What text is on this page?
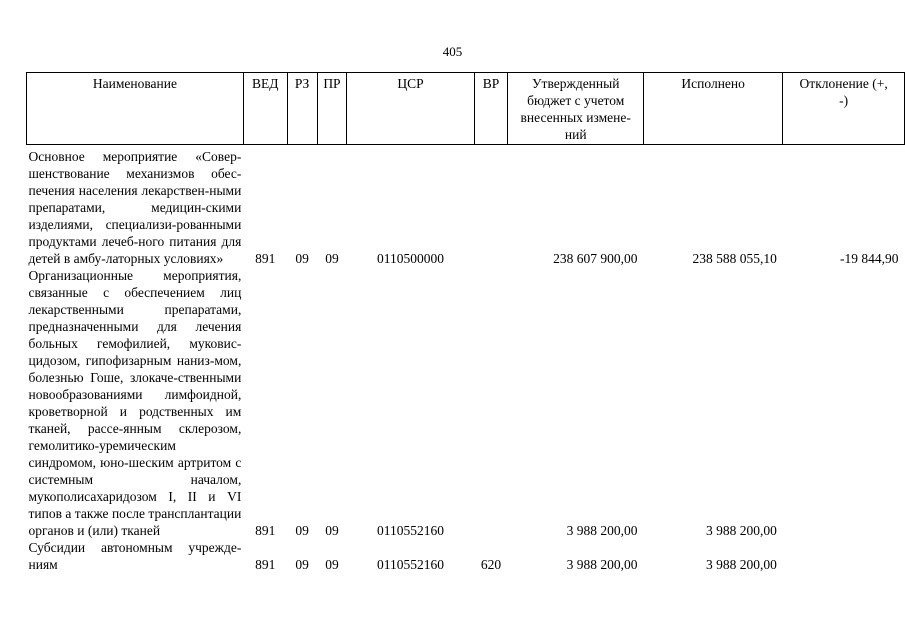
405
Наименование	ВЕД	РЗ	ПР	ЦСР	ВР	Утвержденный бюджет с учетом внесенных измене-ний	Исполнено	Отклонение (+, -)
Основное мероприятие «Совер-шенствование механизмов обес-печения населения лекарствен-ными препаратами, медицин-скими изделиями, специализи-рованными продуктами лечеб-ного питания для детей в амбу-латорных условиях»	891	09	09	0110500000		238 607 900,00	238 588 055,10	-19 844,90
Организационные мероприятия, связанные с обеспечением лиц лекарственными препаратами, предназначенными для лечения больных гемофилией, муковис-цидозом, гипофизарным наниз-мом, болезнью Гоше, злокаче-ственными новообразованиями лимфоидной, кроветворной и родственных им тканей, рассе-янным склерозом, гемолитико-уремическим синдромом, юно-шеским артритом с системным началом, мукополисахаридозом I, II и VI типов а также после трансплантации органов и (или) тканей	891	09	09	0110552160		3 988 200,00	3 988 200,00	
Субсидии автономным учрежде-ниям	891	09	09	0110552160	620	3 988 200,00	3 988 200,00	
